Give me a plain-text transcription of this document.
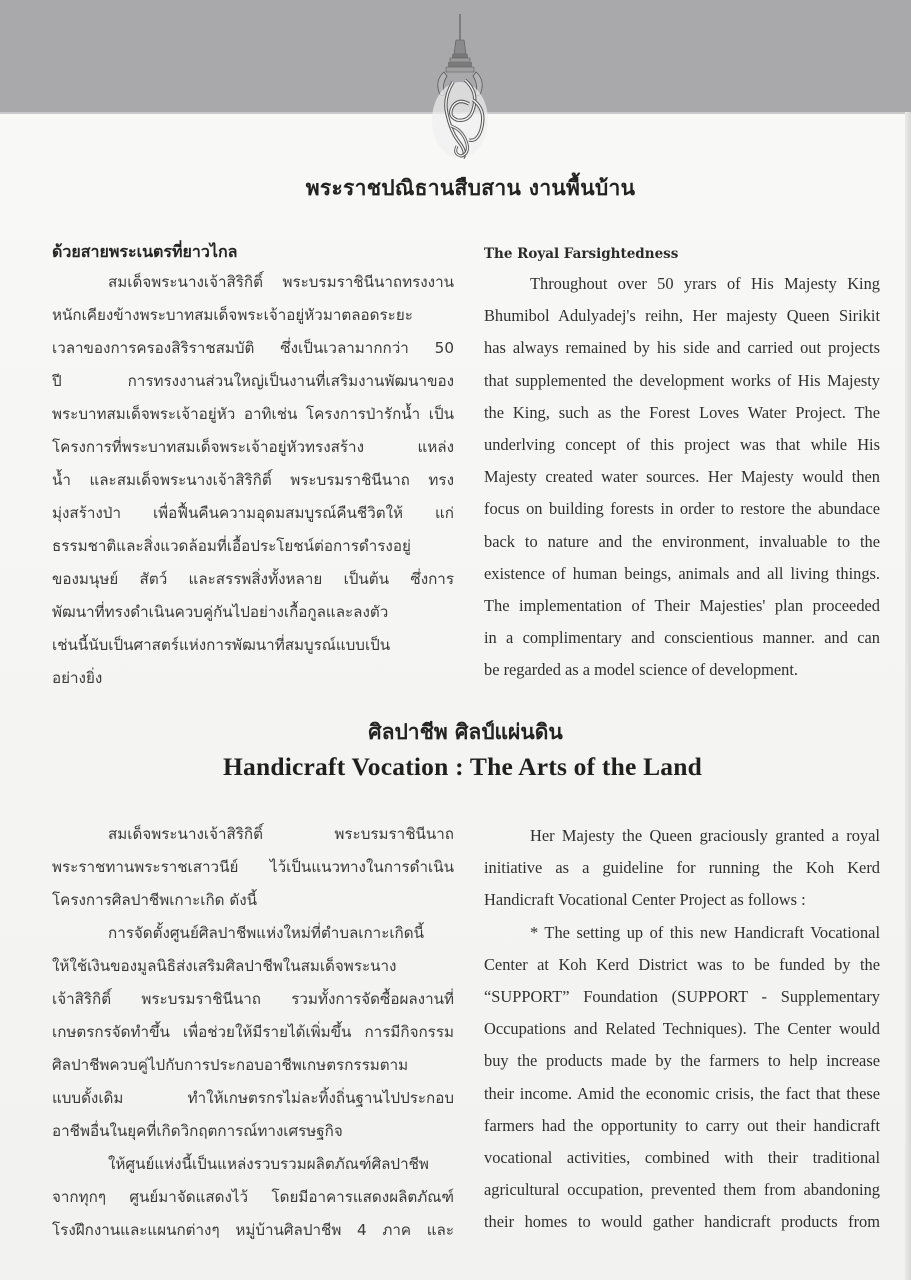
พระราชปณิธานสืบสาน งานพื้นบ้าน
ด้วยสายพระเนตรที่ยาวไกล
สมเด็จพระนางเจ้าสิริกิติ์ พระบรมราชินีนาถทรงงาน
หนักเคียงข้างพระบาทสมเด็จพระเจ้าอยู่หัวมาตลอดระยะ
เวลาของการครองสิริราชสมบัติ ซึ่งเป็นเวลามากกว่า 50
ปี การทรงงานส่วนใหญ่เป็นงานที่เสริมงานพัฒนาของ
พระบาทสมเด็จพระเจ้าอยู่หัว อาทิเช่น โครงการป่ารักน้ำ เป็น
โครงการที่พระบาทสมเด็จพระเจ้าอยู่หัวทรงสร้าง แหล่ง
น้ำ และสมเด็จพระนางเจ้าสิริกิติ์ พระบรมราชินีนาถ ทรง
มุ่งสร้างป่า เพื่อฟื้นคืนความอุดมสมบูรณ์คืนชีวิตให้ แก่
ธรรมชาติและสิ่งแวดล้อมที่เอื้อประโยชน์ต่อการดำรงอยู่
ของมนุษย์ สัตว์ และสรรพสิ่งทั้งหลาย เป็นต้น ซึ่งการ
พัฒนาที่ทรงดำเนินควบคู่กันไปอย่างเกื้อกูลและลงตัว
เช่นนี้นับเป็นศาสตร์แห่งการพัฒนาที่สมบูรณ์แบบเป็น
อย่างยิ่ง
The Royal Farsightedness
Throughout over 50 yrars of His Majesty King
Bhumibol Adulyadej's reihn, Her majesty Queen Sirikit
has always remained by his side and carried out projects
that supplemented the development works of His Majesty
the King, such as the Forest Loves Water Project. The
underlving concept of this project was that while His
Majesty created water sources. Her Majesty would then
focus on building forests in order to restore the abundace
back to nature and the environment, invaluable to the
existence of human beings, animals and all living things.
The implementation of Their Majesties' plan proceeded
in a complimentary and conscientious manner. and can
be regarded as a model science of development.
ศิลปาชีพ ศิลป์แผ่นดิน
Handicraft Vocation : The Arts of the Land
สมเด็จพระนางเจ้าสิริกิติ์ พระบรมราชินีนาถ
พระราชทานพระราชเสาวนีย์ ไว้เป็นแนวทางในการดำเนิน
โครงการศิลปาชีพเกาะเกิด ดังนี้
การจัดตั้งศูนย์ศิลปาชีพแห่งใหม่ที่ตำบลเกาะเกิดนี้
ให้ใช้เงินของมูลนิธิส่งเสริมศิลปาชีพในสมเด็จพระนาง
เจ้าสิริกิติ์ พระบรมราชินีนาถ รวมทั้งการจัดซื้อผลงานที่
เกษตรกรจัดทำขึ้น เพื่อช่วยให้มีรายได้เพิ่มขึ้น การมีกิจกรรม
ศิลปาชีพควบคู่ไปกับการประกอบอาชีพเกษตรกรรมตาม
แบบดั้งเดิม ทำให้เกษตรกรไม่ละทิ้งถิ่นฐานไปประกอบ
อาชีพอื่นในยุคที่เกิดวิกฤตการณ์ทางเศรษฐกิจ
ให้ศูนย์แห่งนี้เป็นแหล่งรวบรวมผลิตภัณฑ์ศิลปาชีพ
จากทุกๆ ศูนย์มาจัดแสดงไว้ โดยมีอาคารแสดงผลิตภัณฑ์
โรงฝึกงานและแผนกต่างๆ หมู่บ้านศิลปาชีพ 4 ภาค และ
Her Majesty the Queen graciously granted a royal
initiative as a guideline for running the Koh Kerd
Handicraft Vocational Center Project as follows :
* The setting up of this new Handicraft Vocational
Center at Koh Kerd District was to be funded by the
“SUPPORT” Foundation (SUPPORT - Supplementary
Occupations and Related Techniques). The Center would
buy the products made by the farmers to help increase
their income. Amid the economic crisis, the fact that these
farmers had the opportunity to carry out their handicraft
vocational activities, combined with their traditional
agricultural occupation, prevented them from abandoning
their homes to would gather handicraft products from
